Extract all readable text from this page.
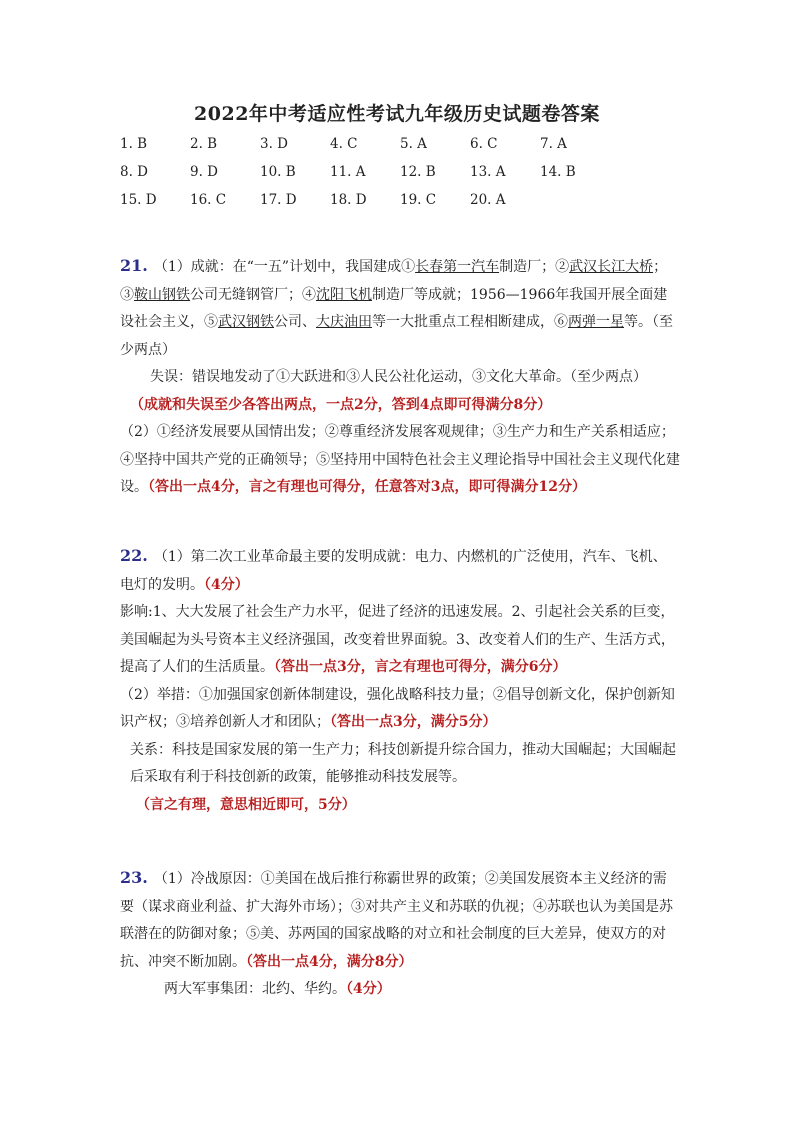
2022年中考适应性考试九年级历史试题卷答案
1. B	2. B	3. D	4. C	5. A	6. C	7. A
8. D	9. D	10. B	11. A	12. B	13. A	14. B
15. D 16. C	17. D 18. D 19. C	20. A

21. （1）成就：在“一五”计划中，我国建成①长春第一汽车制造厂；②武汉长江大桥；③鞍山钢铁公司无缝钢管厂；④沈阳飞机制造厂等成就；1956—1966年我国开展全面建设社会主义，⑤武汉钢铁公司、大庆油田等一大批重点工程相断建成，⑥两弹一星等。（至少两点）

失误：错误地发动了①大跃进和③人民公社化运动，③文化大革命。（至少两点）

（成就和失误至少各答出两点，一点2分，答到4点即可得满分8分）

（2）①经济发展要从国情出发；②尊重经济发展客观规律；③生产力和生产关系相适应；④坚持中国共产党的正确领导；⑤坚持用中国特色社会主义理论指导中国社会主义现代化建设。（答出一点4分，言之有理也可得分，任意答对3点，即可得满分12分）

22. （1）第二次工业革命最主要的发明成就：电力、内燃机的广泛使用，汽车、飞机、电灯的发明。（4分）

影响:1、大大发展了社会生产力水平，促进了经济的迅速发展。2、引起社会关系的巨变，美国崛起为头号资本主义经济强国，改变着世界面貌。3、改变着人们的生产、生活方式，提高了人们的生活质量。（答出一点3分，言之有理也可得分，满分6分）

（2）举措：①加强国家创新体制建设，强化战略科技力量；②倡导创新文化，保护创新知识产权；③培养创新人才和团队；（答出一点3分，满分5分）

关系：科技是国家发展的第一生产力；科技创新提升综合国力，推动大国崛起；大国崛起后采取有利于科技创新的政策，能够推动科技发展等。

（言之有理，意思相近即可，5分）

23. （1）冷战原因：①美国在战后推行称霸世界的政策；②美国发展资本主义经济的需要（谋求商业利益、扩大海外市场）；③对共产主义和苏联的仇视；④苏联也认为美国是苏联潜在的防御对象；⑤美、苏两国的国家战略的对立和社会制度的巨大差异，使双方的对抗、冲突不断加剧。（答出一点4分，满分8分）

两大军事集团：北约、华约。（4分）
